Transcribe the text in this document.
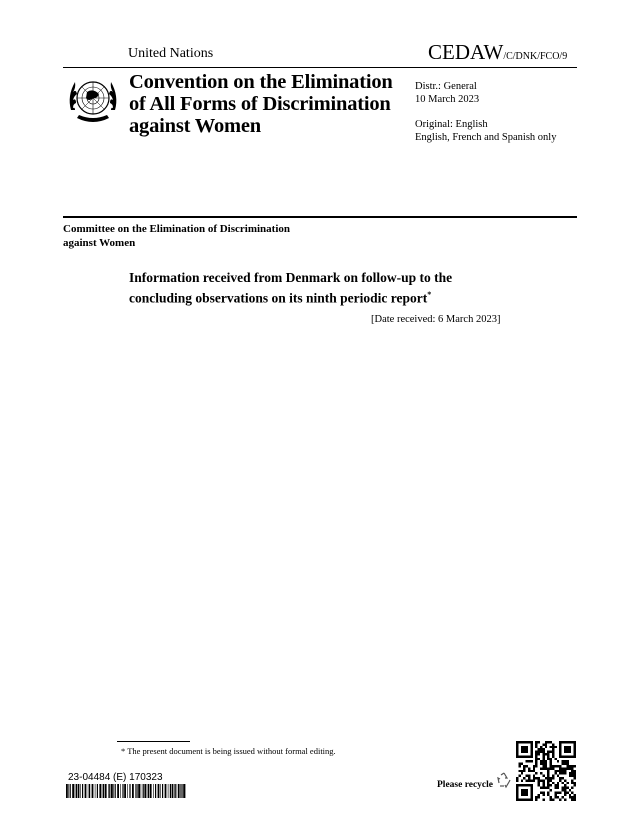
United Nations	CEDAW/C/DNK/FCO/9
Convention on the Elimination
of All Forms of Discrimination
against Women
Distr.: General
10 March 2023
Original: English
English, French and Spanish only
Committee on the Elimination of Discrimination
against Women
Information received from Denmark on follow-up to the
concluding observations on its ninth periodic report*
[Date received: 6 March 2023]
* The present document is being issued without formal editing.
23-04484 (E) 170323
Please recycle
